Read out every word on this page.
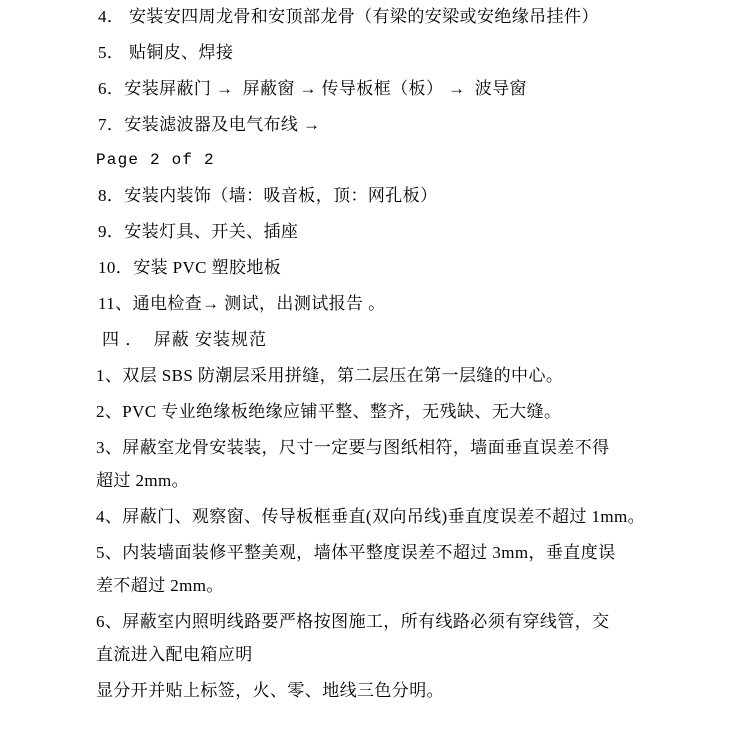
4． 安装安四周龙骨和安顶部龙骨（有梁的安梁或安绝缘吊挂件）
5． 贴铜皮、焊接
6．安装屏蔽门 →  屏蔽窗 → 传导板框（板） →  波导窗
7．安装滤波器及电气布线 →
Page 2 of 2
8．安装内装饰（墙：吸音板，顶：网孔板）
9．安装灯具、开关、插座
10．安装 PVC 塑胶地板
11、通电检查→ 测试，出测试报告 。
四 ．  屏蔽 安装规范
1、双层 SBS 防潮层采用拼缝，第二层压在第一层缝的中心。
2、PVC 专业绝缘板绝缘应铺平整、整齐，无残缺、无大缝。
3、屏蔽室龙骨安装装，尺寸一定要与图纸相符，墙面垂直误差不得
超过 2mm。
4、屏蔽门、观察窗、传导板框垂直(双向吊线)垂直度误差不超过 1mm。
5、内装墙面装修平整美观，墙体平整度误差不超过 3mm，垂直度误
差不超过 2mm。
6、屏蔽室内照明线路要严格按图施工，所有线路必须有穿线管，交
直流进入配电箱应明
显分开并贴上标签，火、零、地线三色分明。
